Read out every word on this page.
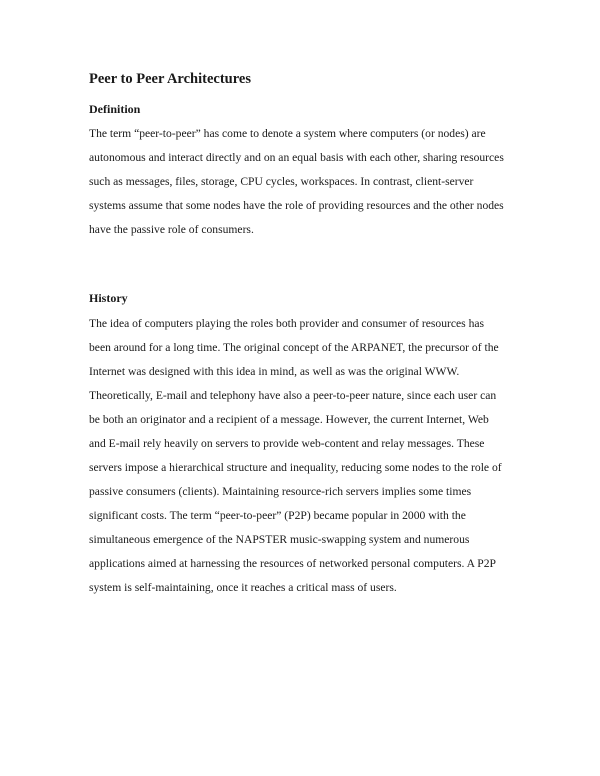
Peer to Peer Architectures
Definition
The term “peer-to-peer” has come to denote a system where computers (or nodes) are
autonomous and interact directly and on an equal basis with each other, sharing resources
such as messages, files, storage, CPU cycles, workspaces. In contrast, client-server
systems assume that some nodes have the role of providing resources and the other nodes
have the passive role of consumers.
History
The idea of computers playing the roles both provider and consumer of resources has
been around for a long time. The original concept of the ARPANET, the precursor of the
Internet was designed with this idea in mind, as well as was the original WWW.
Theoretically, E-mail and telephony have also a peer-to-peer nature, since each user can
be both an originator and a recipient of a message. However, the current Internet, Web
and E-mail rely heavily on servers to provide web-content and relay messages. These
servers impose a hierarchical structure and inequality, reducing some nodes to the role of
passive consumers (clients). Maintaining resource-rich servers implies some times
significant costs. The term “peer-to-peer” (P2P) became popular in 2000 with the
simultaneous emergence of the NAPSTER music-swapping system and numerous
applications aimed at harnessing the resources of networked personal computers. A P2P
system is self-maintaining, once it reaches a critical mass of users.
